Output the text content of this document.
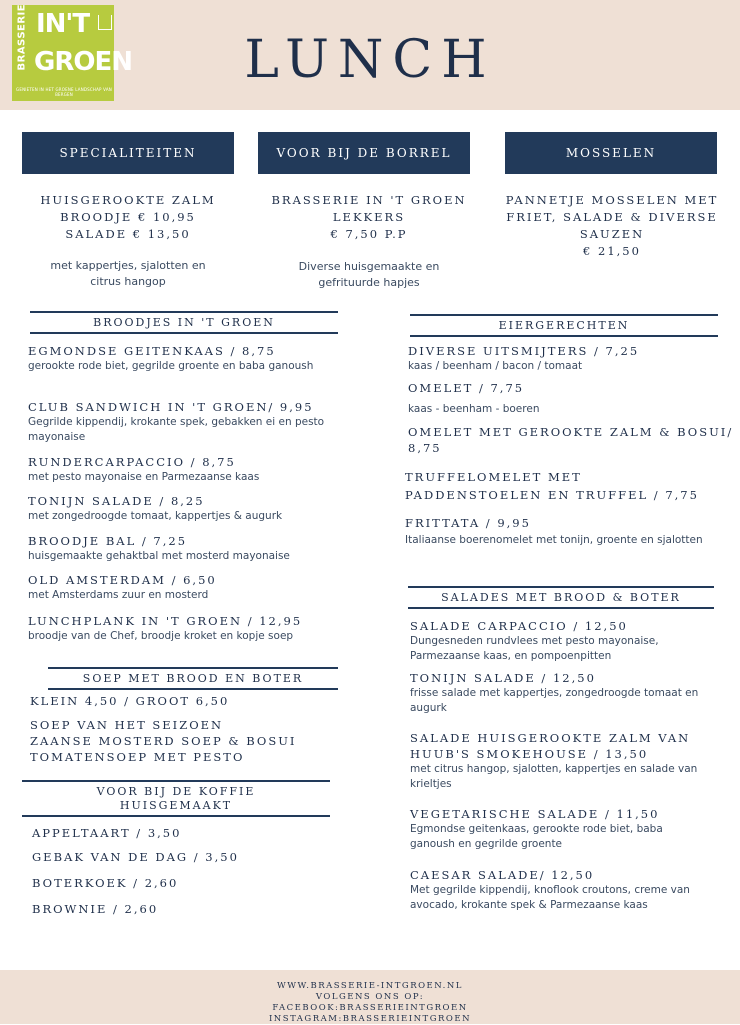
BRASSERIE IN'T
GROEN
GENIETEN IN HET GROENE LANDSCHAP VAN BERGEN
LUNCH
SPECIALITEITEN	VOOR BIJ DE BORREL	MOSSELEN
HUISGEROOKTE ZALM
BROODJE € 10,95
SALADE € 13,50
met kappertjes, sjalotten en
citrus hangop
BRASSERIE IN 'T GROEN
LEKKERS
€ 7,50 P.P
Diverse huisgemaakte en
gefrituurde hapjes
PANNETJE MOSSELEN MET
FRIET, SALADE & DIVERSE
SAUZEN
€ 21,50
BROODJES IN 'T GROEN
EGMONDSE GEITENKAAS / 8,75
gerookte rode biet, gegrilde groente en baba ganoush
CLUB SANDWICH IN 'T GROEN/ 9,95
Gegrilde kippendij, krokante spek, gebakken ei en pesto mayonaise
RUNDERCARPACCIO / 8,75
met pesto mayonaise en Parmezaanse kaas
TONIJN SALADE / 8,25
met zongedroogde tomaat, kappertjes & augurk
BROODJE BAL / 7,25
huisgemaakte gehaktbal met mosterd mayonaise
OLD AMSTERDAM / 6,50
met Amsterdams zuur en mosterd
LUNCHPLANK IN 'T GROEN / 12,95
broodje van de Chef, broodje kroket en kopje soep
SOEP MET BROOD EN BOTER
KLEIN 4,50 / GROOT 6,50
SOEP VAN HET SEIZOEN
ZAANSE MOSTERD SOEP & BOSUI
TOMATENSOEP MET PESTO
VOOR BIJ DE KOFFIE
HUISGEMAAKT
APPELTAART / 3,50
GEBAK VAN DE DAG / 3,50
BOTERKOEK / 2,60
BROWNIE / 2,60
EIERGERECHTEN
DIVERSE UITSMIJTERS / 7,25
kaas / beenham / bacon / tomaat
OMELET / 7,75
kaas - beenham - boeren
OMELET MET GEROOKTE ZALM & BOSUI/ 8,75
TRUFFELOMELET MET PADDENSTOELEN EN TRUFFEL / 7,75
FRITTATA / 9,95
Italiaanse boerenomelet met tonijn, groente en sjalotten
SALADES MET BROOD & BOTER
SALADE CARPACCIO / 12,50
Dungesneden rundvlees met pesto mayonaise, Parmezaanse kaas, en pompoenpitten
TONIJN SALADE / 12,50
frisse salade met kappertjes, zongedroogde tomaat en augurk
SALADE HUISGEROOKTE ZALM VAN HUUB'S SMOKEHOUSE / 13,50
met citrus hangop, sjalotten, kappertjes en salade van krieltjes
VEGETARISCHE SALADE / 11,50
Egmondse geitenkaas, gerookte rode biet, baba ganoush en gegrilde groente
CAESAR SALADE/ 12,50
Met gegrilde kippendij, knoflook croutons, creme van avocado, krokante spek & Parmezaanse kaas
WWW.BRASSERIE-INTGROEN.NL
VOLGENS ONS OP:
FACEBOOK:BRASSERIEINTGROEN
INSTAGRAM:BRASSERIEINTGROEN
